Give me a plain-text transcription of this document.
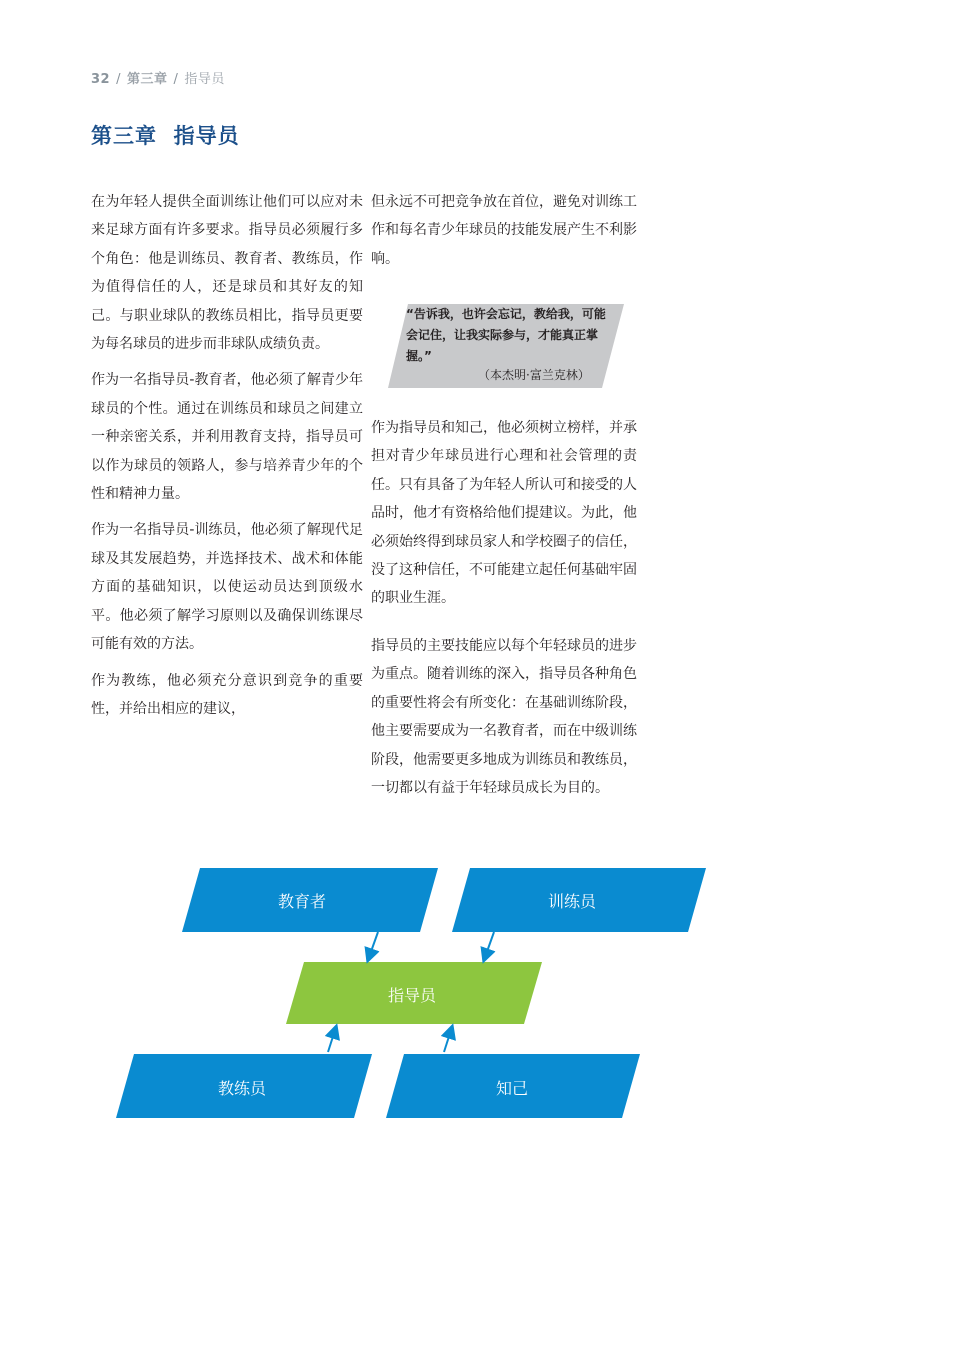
32 / 第三章 / 指导员
第三章  指导员

在为年轻人提供全面训练让他们可以应对未来足球方面有许多要求。指导员必须履行多个角色：他是训练员、教育者、教练员，作为值得信任的人，还是球员和其好友的知己。与职业球队的教练员相比，指导员更要为每名球员的进步而非球队成绩负责。

作为一名指导员-教育者，他必须了解青少年球员的个性。通过在训练员和球员之间建立一种亲密关系，并利用教育支持，指导员可以作为球员的领路人，参与培养青少年的个性和精神力量。

作为一名指导员-训练员，他必须了解现代足球及其发展趋势，并选择技术、战术和体能方面的基础知识，以使运动员达到顶级水平。他必须了解学习原则以及确保训练课尽可能有效的方法。

作为教练，他必须充分意识到竞争的重要性，并给出相应的建议，

但永远不可把竞争放在首位，避免对训练工作和每名青少年球员的技能发展产生不利影响。

“告诉我，也许会忘记，教给我，可能会记住，让我实际参与，才能真正掌握。”
（本杰明·富兰克林）

作为指导员和知己，他必须树立榜样，并承担对青少年球员进行心理和社会管理的责任。只有具备了为年轻人所认可和接受的人品时，他才有资格给他们提建议。为此，他必须始终得到球员家人和学校圈子的信任，没了这种信任，不可能建立起任何基础牢固的职业生涯。

指导员的主要技能应以每个年轻球员的进步为重点。随着训练的深入，指导员各种角色的重要性将会有所变化：在基础训练阶段，他主要需要成为一名教育者，而在中级训练阶段，他需要更多地成为训练员和教练员，一切都以有益于年轻球员成长为目的。

教育者	训练员
指导员
教练员	知己
